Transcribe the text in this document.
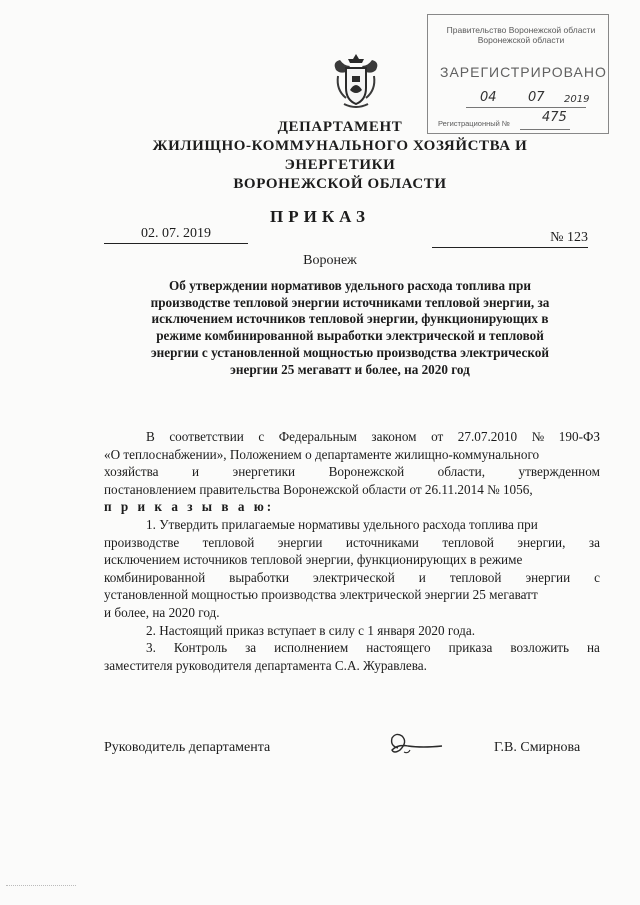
Правительство Воронежской области
Воронежской области
ЗАРЕГИСТРИРОВАНО
04 07 2019
Регистрационный № 475
ДЕПАРТАМЕНТ
ЖИЛИЩНО-КОММУНАЛЬНОГО ХОЗЯЙСТВА И
ЭНЕРГЕТИКИ
ВОРОНЕЖСКОЙ ОБЛАСТИ
ПРИКАЗ
02. 07. 2019	№ 123
Воронеж
Об утверждении нормативов удельного расхода топлива при
производстве тепловой энергии источниками тепловой энергии, за
исключением источников тепловой энергии, функционирующих в
режиме комбинированной выработки электрической и тепловой
энергии с установленной мощностью производства электрической
энергии 25 мегаватт и более, на 2020 год
В соответствии с Федеральным законом от 27.07.2010 № 190-ФЗ
«О теплоснабжении», Положением о департаменте жилищно-коммунального
хозяйства	и	энергетики	Воронежской	области,	утвержденном
постановлением правительства Воронежской области от 26.11.2014 № 1056,
п р и к а з ы в а ю:
1. Утвердить прилагаемые нормативы удельного расхода топлива при
производстве тепловой энергии источниками тепловой энергии, за
исключением источников тепловой энергии, функционирующих в режиме
комбинированной выработки электрической и тепловой энергии с
установленной мощностью производства электрической энергии 25 мегаватт
и более, на 2020 год.
2. Настоящий приказ вступает в силу с 1 января 2020 года.
3. Контроль за исполнением настоящего приказа возложить на
заместителя руководителя департамента С.А. Журавлева.
Руководитель департамента	Г.В. Смирнова
